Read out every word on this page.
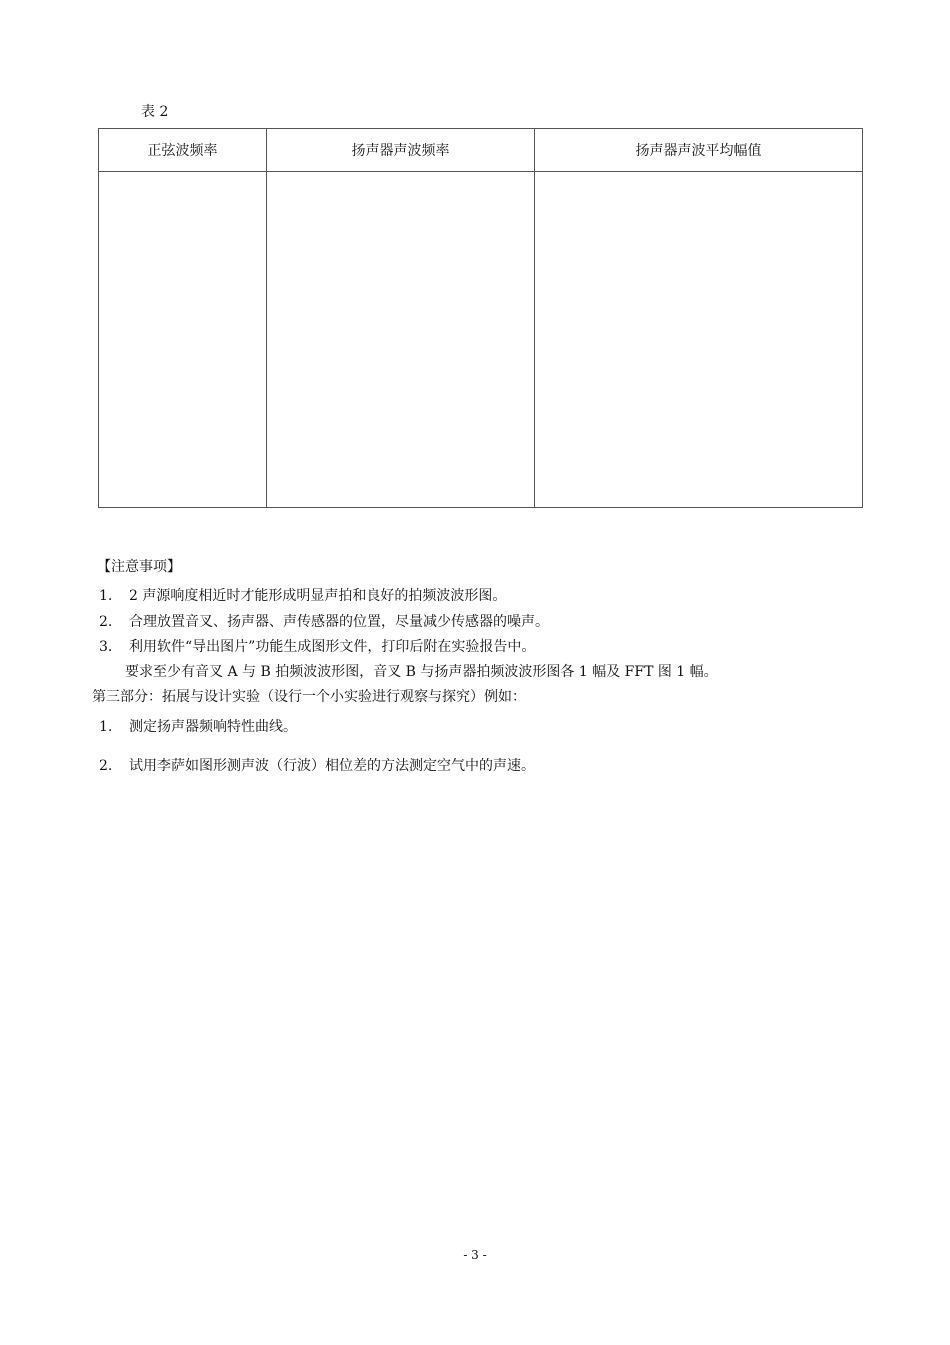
表 2
正弦波频率	扬声器声波频率	扬声器声波平均幅值

【注意事项】
1. 2 声源响度相近时才能形成明显声拍和良好的拍频波波形图。
2. 合理放置音叉、扬声器、声传感器的位置，尽量减少传感器的噪声。
3. 利用软件“导出图片”功能生成图形文件，打印后附在实验报告中。
要求至少有音叉 A 与 B 拍频波波形图，音叉 B 与扬声器拍频波波形图各 1 幅及 FFT 图 1 幅。
第三部分：拓展与设计实验（设行一个小实验进行观察与探究）例如：
1. 测定扬声器频响特性曲线。
2. 试用李萨如图形测声波（行波）相位差的方法测定空气中的声速。
- 3 -
